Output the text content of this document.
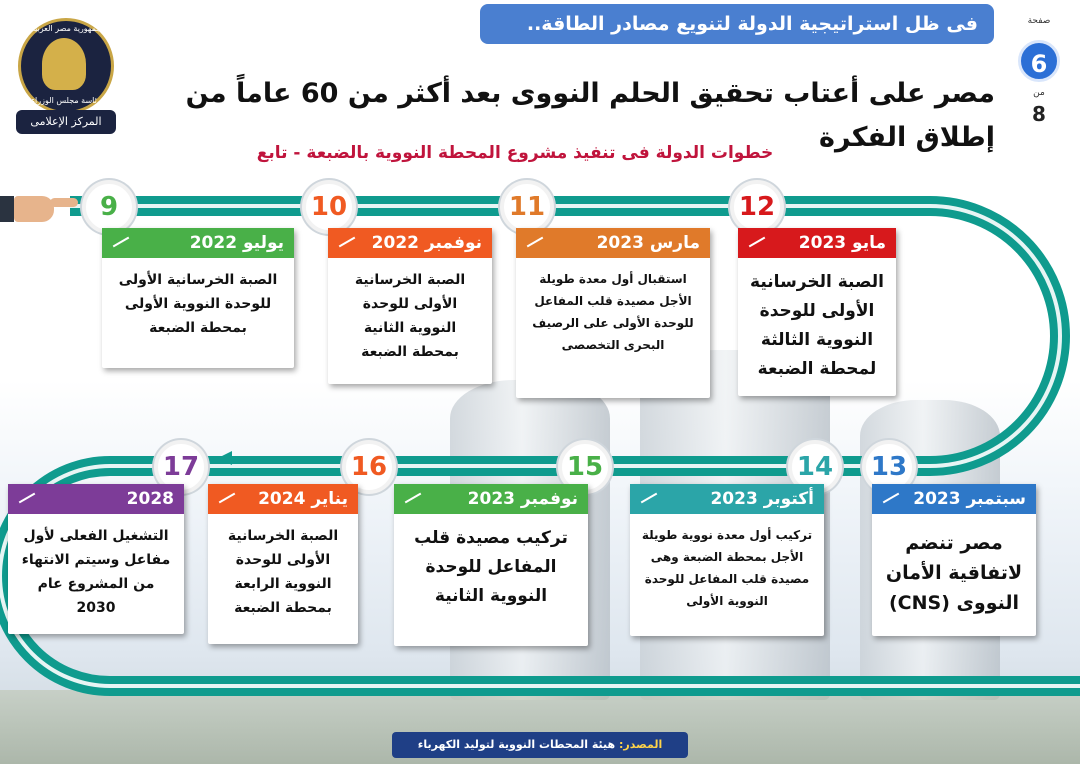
فى ظل استراتيجية الدولة لتنويع مصادر الطاقة..
مصر على أعتاب تحقيق الحلم النووى بعد أكثر من 60 عاماً من إطلاق الفكرة
خطوات الدولة فى تنفيذ مشروع المحطة النووية بالضبعة - تابع
صفحة
6
من
8
جمهورية مصر العربية
رئاسة مجلس الوزراء
المركز الإعلامى
9	10	11	12
13
14
15
16
17
يوليو 2022
الصبة الخرسانية الأولى للوحدة النووية الأولى بمحطة الضبعة
نوفمبر 2022
الصبة الخرسانية الأولى للوحدة النووية الثانية بمحطة الضبعة
مارس 2023
استقبال أول معدة طويلة الأجل مصيدة قلب المفاعل للوحدة الأولى على الرصيف البحرى التخصصى
مايو 2023
الصبة الخرسانية الأولى للوحدة النووية الثالثة لمحطة الضبعة
سبتمبر 2023
مصر تنضم لاتفاقية الأمان النووى (CNS)
أكتوبر 2023
تركيب أول معدة نووية طويلة الأجل بمحطة الضبعة وهى مصيدة قلب المفاعل للوحدة النووية الأولى
نوفمبر 2023
تركيب مصيدة قلب المفاعل للوحدة النووية الثانية
يناير 2024
الصبة الخرسانية الأولى للوحدة النووية الرابعة بمحطة الضبعة
2028
التشغيل الفعلى لأول مفاعل وسيتم الانتهاء من المشروع عام 2030
المصدر: هيئة المحطات النووية لتوليد الكهرباء
